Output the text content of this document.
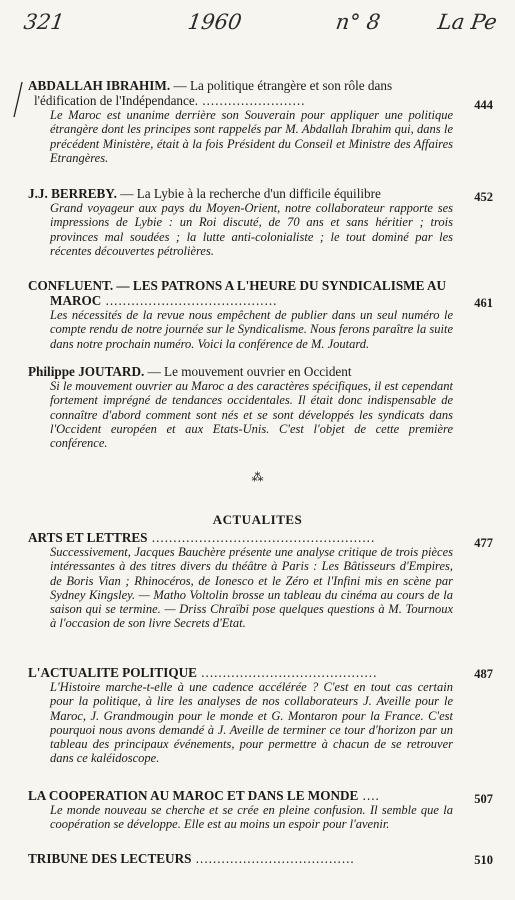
321	1960	n° 8	La Pe
ABDALLAH IBRAHIM. — La politique étrangère et son rôle dans l'édification de l'Indépendance. ........................	444
Le Maroc est unanime derrière son Souverain pour appliquer une politique étrangère dont les principes sont rappelés par M. Abdallah Ibrahim qui, dans le précédent Ministère, était à la fois Président du Conseil et Ministre des Affaires Etrangères.
J.J. BERREBY. — La Lybie à la recherche d'un difficile équilibre	452
Grand voyageur aux pays du Moyen-Orient, notre collaborateur rapporte ses impressions de Lybie : un Roi discuté, de 70 ans et sans héritier ; trois provinces mal soudées ; la lutte anti-colonialiste ; le tout dominé par les récentes découvertes pétrolières.
CONFLUENT. — LES PATRONS A L'HEURE DU SYNDICALISME AU MAROC ........................................	461
Les nécessités de la revue nous empêchent de publier dans un seul numéro le compte rendu de notre journée sur le Syndicalisme. Nous ferons paraître la suite dans notre prochain numéro. Voici la conférence de M. Joutard.
Philippe JOUTARD. — Le mouvement ouvrier en Occident
Si le mouvement ouvrier au Maroc a des caractères spécifiques, il est cependant fortement imprégné de tendances occidentales. Il était donc indispensable de connaître d'abord comment sont nés et se sont développés les syndicats dans l'Occident européen et aux Etats-Unis. C'est l'objet de cette première conférence.
⁂
ACTUALITES
ARTS ET LETTRES ....................................................	477
Successivement, Jacques Bauchère présente une analyse critique de trois pièces intéressantes à des titres divers du théâtre à Paris : Les Bâtisseurs d'Empires, de Boris Vian ; Rhinocéros, de Ionesco et le Zéro et l'Infini mis en scène par Sydney Kingsley. — Matho Voltolin brosse un tableau du cinéma au cours de la saison qui se termine. — Driss Chraïbi pose quelques questions à M. Tournoux à l'occasion de son livre Secrets d'Etat.
L'ACTUALITE POLITIQUE .........................................	487
L'Histoire marche-t-elle à une cadence accélérée ? C'est en tout cas certain pour la politique, à lire les analyses de nos collaborateurs J. Aveille pour le Maroc, J. Grandmougin pour le monde et G. Montaron pour la France. C'est pourquoi nous avons demandé à J. Aveille de terminer ce tour d'horizon par un tableau des principaux événements, pour permettre à chacun de se retrouver dans ce kaléidoscope.
LA COOPERATION AU MAROC ET DANS LE MONDE ....	507
Le monde nouveau se cherche et se crée en pleine confusion. Il semble que la coopération se développe. Elle est au moins un espoir pour l'avenir.
TRIBUNE DES LECTEURS .....................................	510
